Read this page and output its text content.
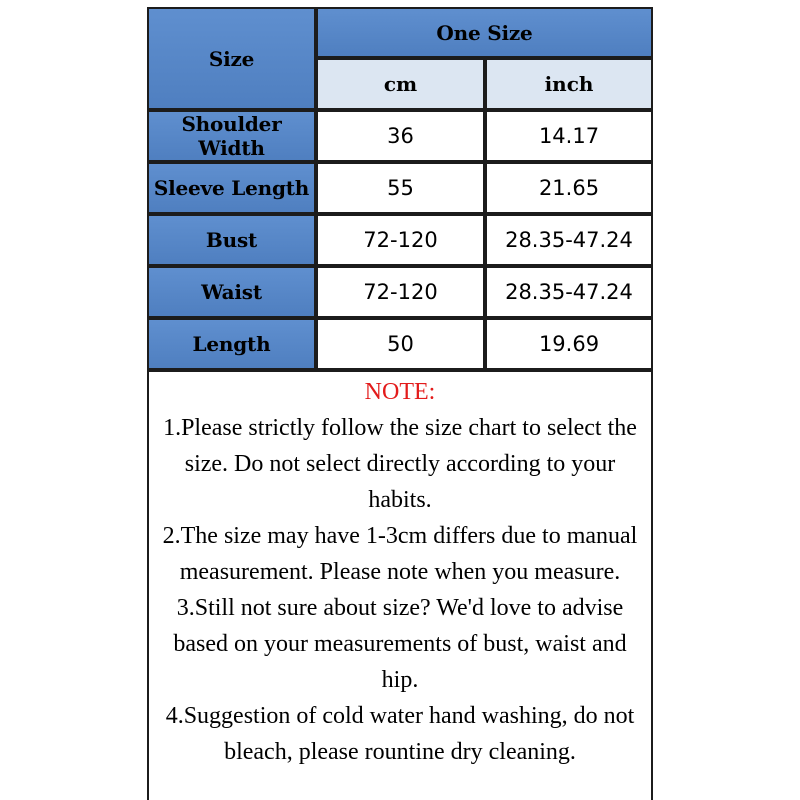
Size
One Size
cm	inch
Shoulder Width	36	14.17
Sleeve Length	55	21.65
Bust	72-120	28.35-47.24
Waist	72-120	28.35-47.24
Length	50	19.69
NOTE:
1.Please strictly follow the size chart to select the size. Do not select directly according to your habits.
2.The size may have 1-3cm differs due to manual measurement. Please note when you measure.
3.Still not sure about size? We'd love to advise based on your measurements of bust, waist and hip.
4.Suggestion of cold water hand washing, do not bleach, please rountine dry cleaning.
